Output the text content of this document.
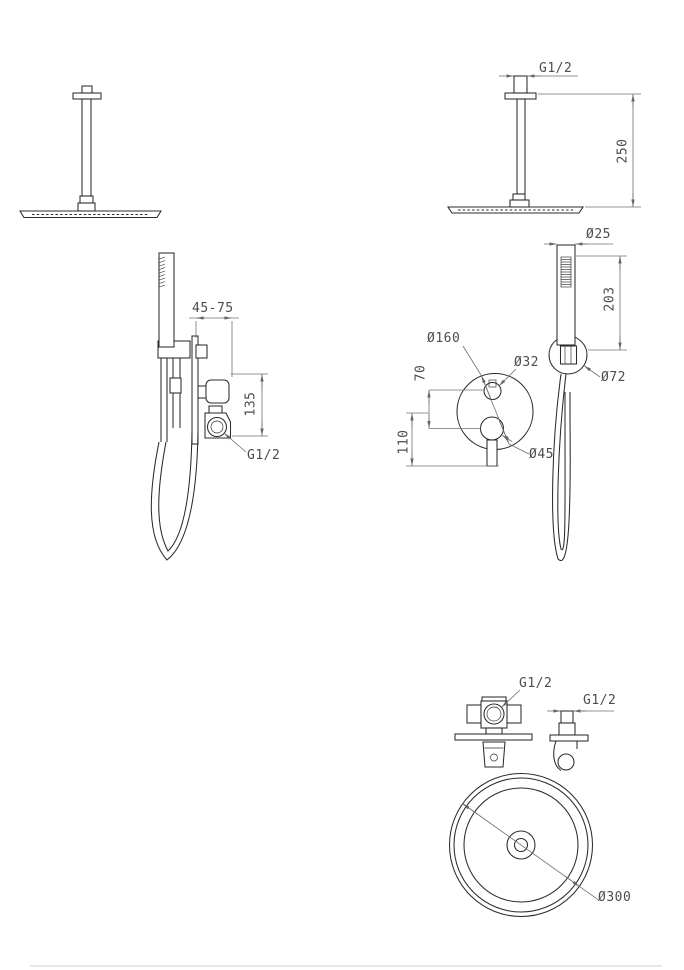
G1/2
250
45-75
135
G1/2
Ø160
Ø32
Ø45
70
110
Ø25
203
Ø72
G1/2
G1/2
Ø300
